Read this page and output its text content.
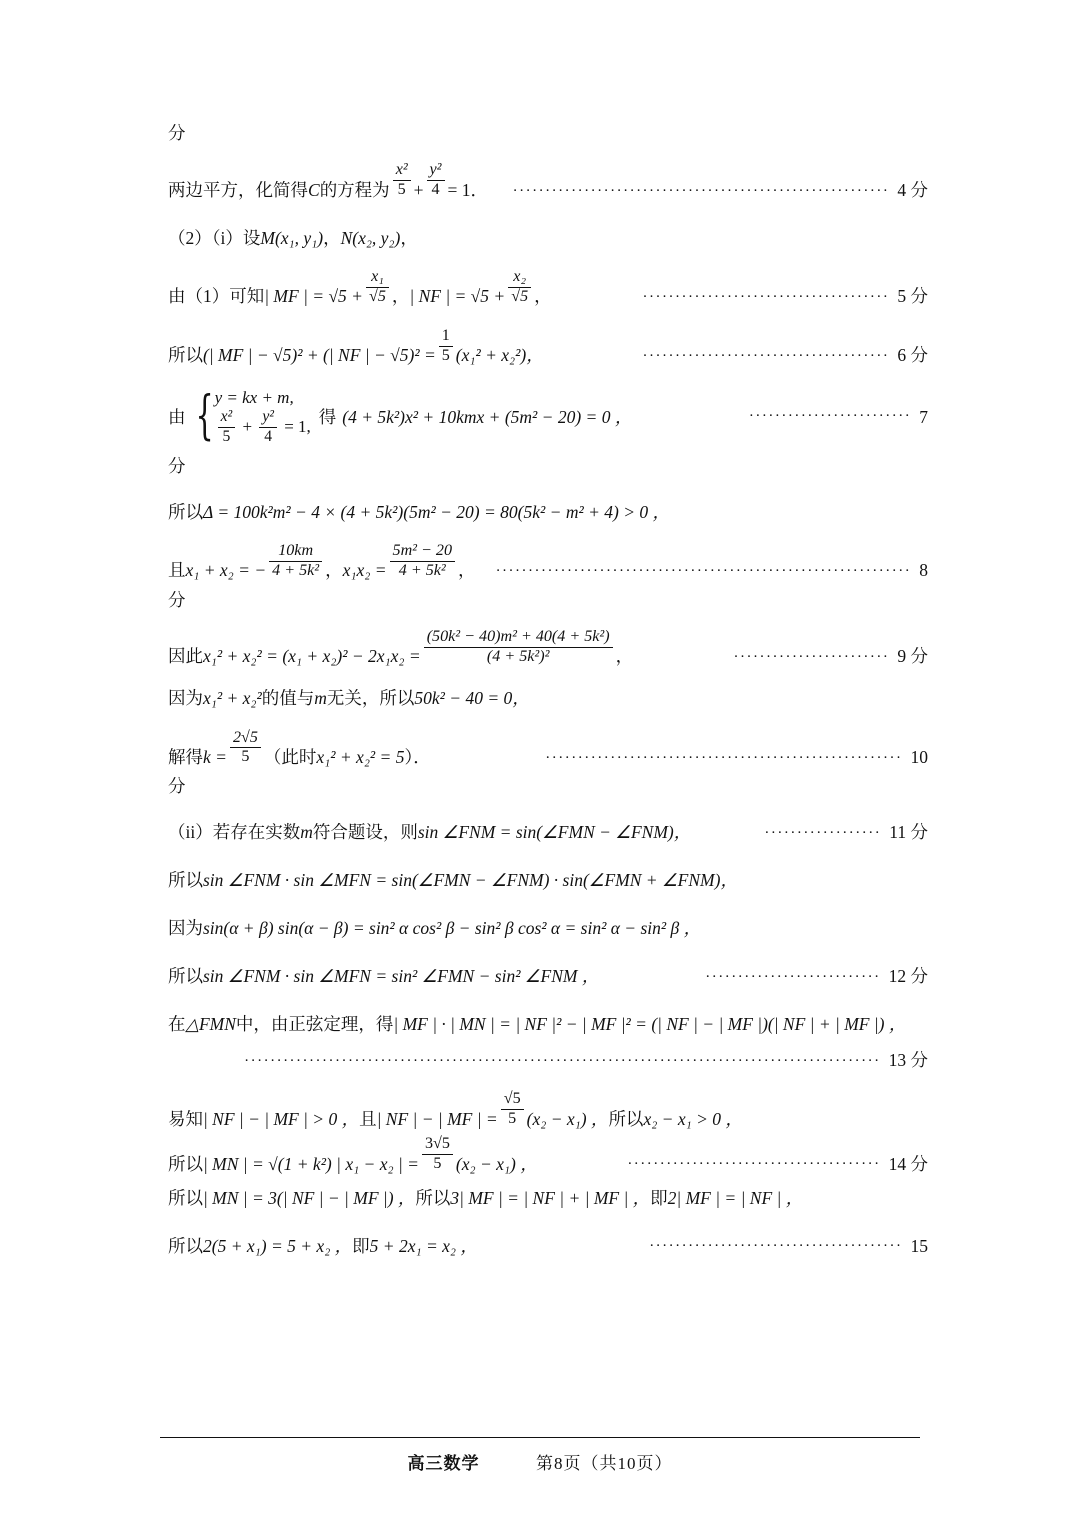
分
两边平方，化简得 C 的方程为 $\frac{\text{x²}}{5} + \frac{\text{y²}}{4} = 1$．	·························································· 4 分
（2）（i）设 M(x₁, y₁) ， N(x₂, y₂) ，
由（1）可知 | MF | = $√5 + \frac{\text{x₁}}{√5}$ ， | NF | = $√5 + \frac{\text{x₂}}{√5}$ ，	······································ 5 分
所以 (| MF | − √5)² + (| NF | − $√5)^2 = \frac{1}{5} (x_1^2 + x_2^2)$，	······································ 6 分
由 { y = kx + m,
$\frac{\text{x²}}{5} + \frac{\text{y²}}{4} = 1$, 得 (4 + 5k²)x² + 10kmx + (5m² − 20) = 0 ，	························· 7
分
所以 Δ = 100k²m² − 4 × (4 + 5k²)(5m² − 20) = 80(5k² − m² + 4) > 0 ，
且 x₁ + x₂ = − $\frac{10km}{\text{4 + 5k²}}$ ， $x_1x_2 = \frac{\text{5m² − 20}}{\text{4 + 5k²}}$ ，	································································ 8
分
因此 $x_1^2 + x_2^2 = (x_1 + x_2)^2 - 2x_1x_2 = \frac{\text{(50k² − 40)m² + 40(4 + 5k²)}}{\text{(4 + 5k²)²}}$ ，	························ 9 分
因为 x₁² + x₂² 的值与 m 无关，所以 50k² − 40 = 0，
解得 $k = \frac{2√5}{5}$ （此时 x₁² + x₂² = 5 ）．	······················································· 10
分
（ii）若存在实数 m 符合题设，则 sin ∠FNM = sin(∠FMN − ∠FNM)，	·················· 11 分
所以 sin ∠FNM · sin ∠MFN = sin(∠FMN − ∠FNM) · sin(∠FMN + ∠FNM)，
因为 sin(α + β) sin(α − β) = sin² α cos² β − sin² β cos² α = sin² α − sin² β ，
所以 sin ∠FNM · sin ∠MFN = sin² ∠FMN − sin² ∠FNM ，	··························· 12 分
在 △FMN 中，由正弦定理，得 | MF | · | MN | = | NF |² − | MF |² = (| NF | − | MF |)(| NF | + | MF |) ，
·································································································· 13 分
易知 | NF | − | MF | > 0 ， 且 | NF | − | MF | = $\frac{√5}{5} (x_2 - x_1)$ ， 所以 x₂ − x₁ > 0 ，
所以 | MN | = √(1 + k²) | x₁ − x₂ | = $\frac{3√5}{5} (x_2 - x_1)$ ，	······································· 14 分
所以 | MN | = 3(| NF | − | MF |) ， 所以 3| MF | = | NF | + | MF | ， 即 2| MF | = | NF | ，
所以 2(5 + x₁) = 5 + x₂ ， 即 5 + 2x₁ = x₂ ，	······································· 15
高三数学	第8页（共10页）
